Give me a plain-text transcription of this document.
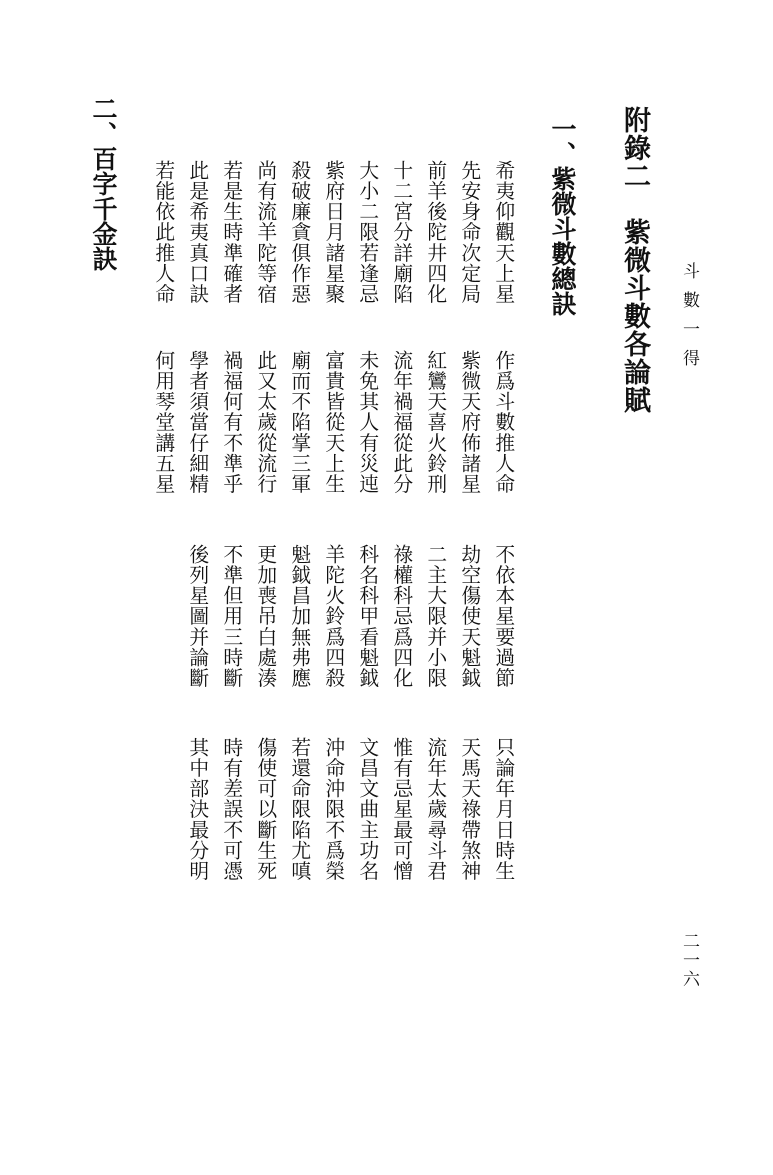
斗數一得
二一六
附錄二　紫微斗數各論賦
一、紫微斗數總訣
希夷仰觀天上星
作爲斗數推人命
不依本星要過節
只論年月日時生
先安身命次定局
紫微天府佈諸星
劫空傷使天魁鉞
天馬天祿帶煞神
前羊後陀井四化
紅鸞天喜火鈴刑
二主大限并小限
流年太歲尋斗君
十二宮分詳廟陷
流年禍福從此分
祿權科忌爲四化
惟有忌星最可憎
大小二限若逢忌
未免其人有災迍
科名科甲看魁鉞
文昌文曲主功名
紫府日月諸星聚
富貴皆從天上生
羊陀火鈴爲四殺
沖命沖限不爲榮
殺破廉貪俱作惡
廟而不陷掌三軍
魁鉞昌加無弗應
若還命限陷尤嗔
尚有流羊陀等宿
此又太歲從流行
更加喪吊白處湊
傷使可以斷生死
若是生時準確者
禍福何有不準乎
不準但用三時斷
時有差誤不可憑
此是希夷真口訣
學者須當仔細精
後列星圖并論斷
其中部決最分明
若能依此推人命
何用琴堂講五星
二、百字千金訣
